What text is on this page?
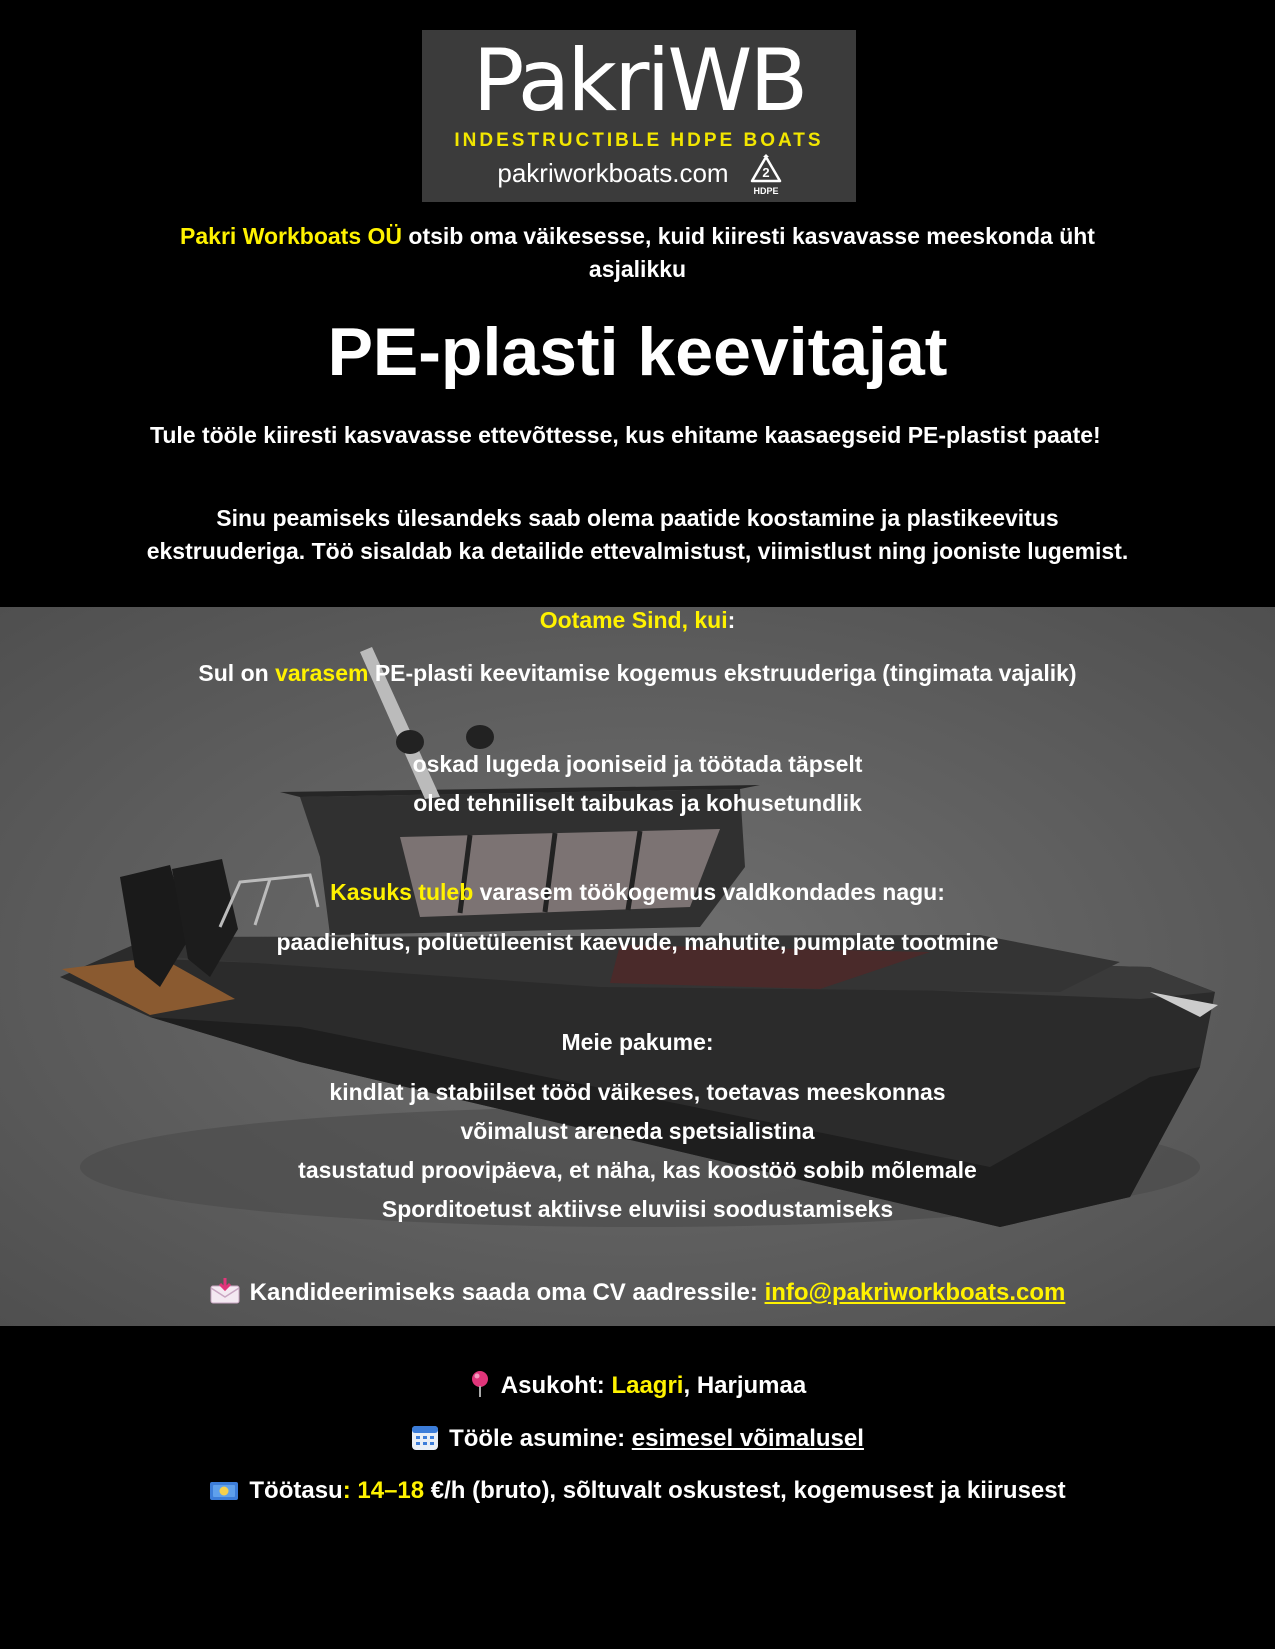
PakriWB
INDESTRUCTIBLE HDPE BOATS
pakriworkboats.com	2
HDPE
Pakri Workboats OÜ otsib oma väikesesse, kuid kiiresti kasvavasse meeskonda üht asjalikku
PE-plasti keevitajat
Tule tööle kiiresti kasvavasse ettevõttesse, kus ehitame kaasaegseid PE-plastist paate!
Sinu peamiseks ülesandeks saab olema paatide koostamine ja plastikeevitus ekstruuderiga. Töö sisaldab ka detailide ettevalmistust, viimistlust ning jooniste lugemist.
Ootame Sind, kui:
Sul on varasem PE-plasti keevitamise kogemus ekstruuderiga (tingimata vajalik)
oskad lugeda jooniseid ja töötada täpselt
oled tehniliselt taibukas ja kohusetundlik
Kasuks tuleb varasem töökogemus valdkondades nagu:
paadiehitus, polüetüleenist kaevude, mahutite, pumplate tootmine
Meie pakume:
kindlat ja stabiilset tööd väikeses, toetavas meeskonnas
võimalust areneda spetsialistina
tasustatud proovipäeva, et näha, kas koostöö sobib mõlemale
Sporditoetust aktiivse eluviisi soodustamiseks
Kandideerimiseks saada oma CV aadressile: info@pakriworkboats.com
Asukoht: Laagri, Harjumaa
Tööle asumine: esimesel võimalusel
Töötasu: 14–18 €/h (bruto), sõltuvalt oskustest, kogemusest ja kiirusest
